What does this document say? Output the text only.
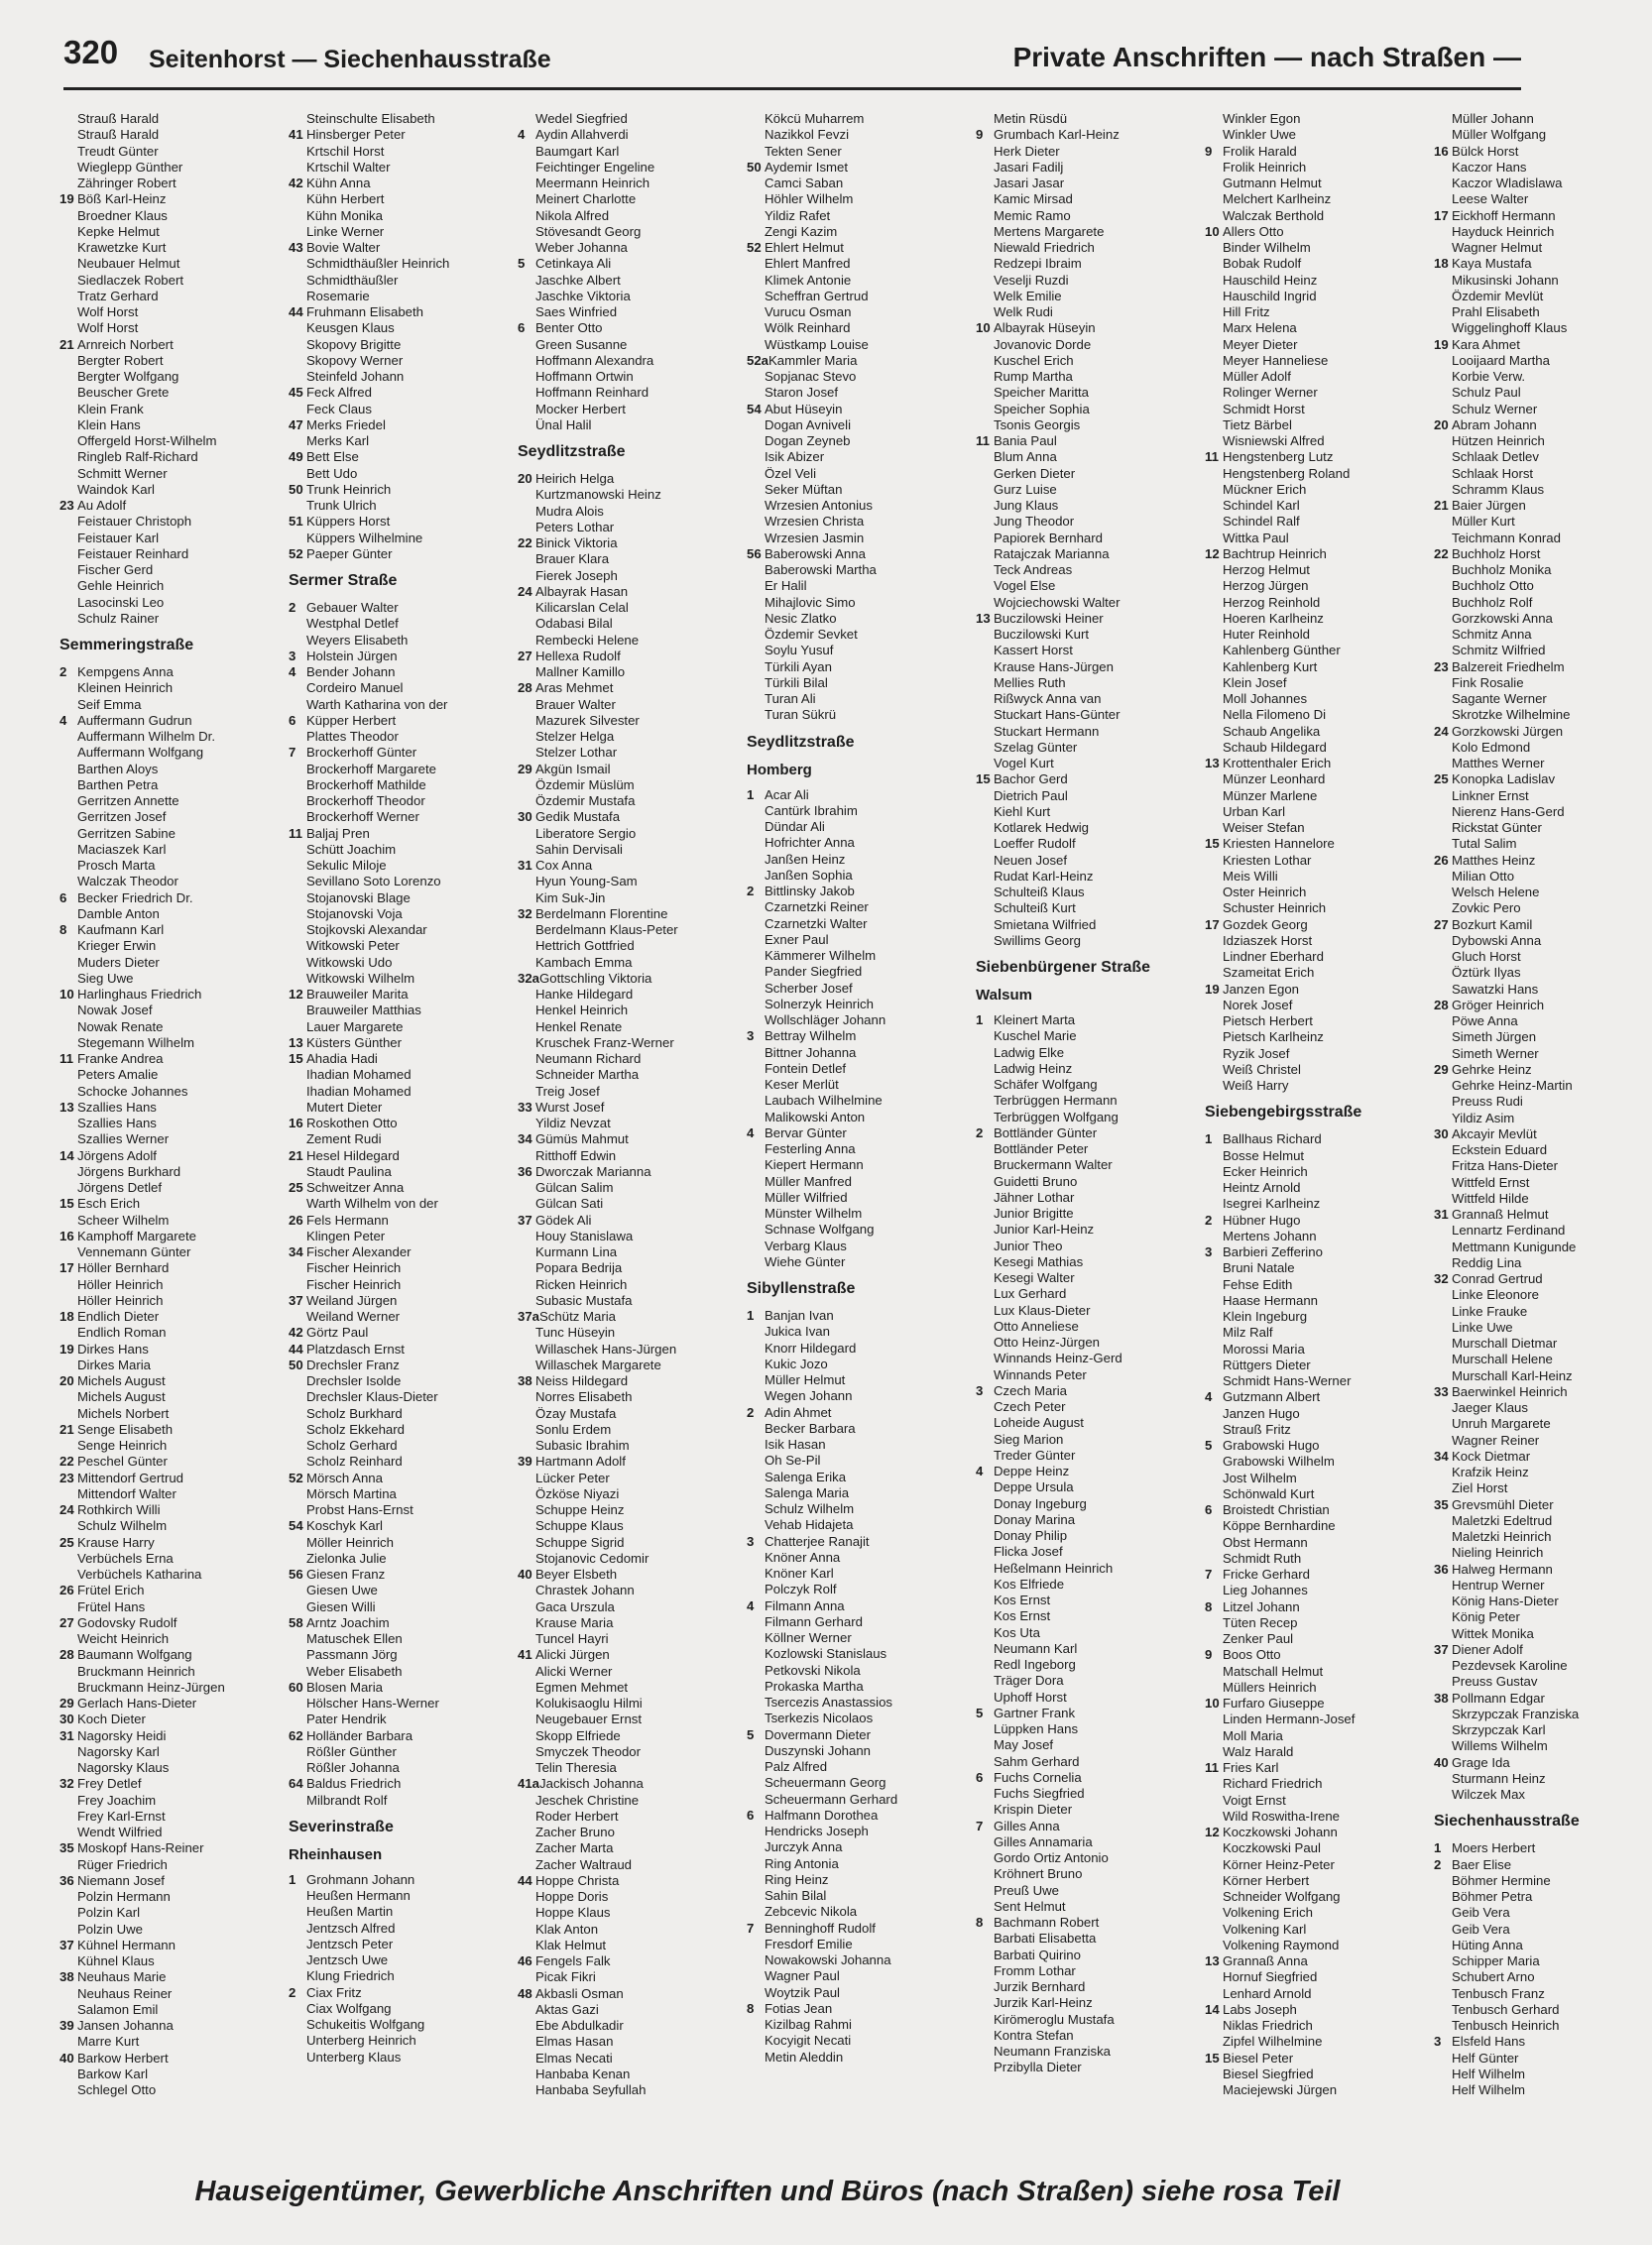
320 Seitenhorst — Siechenhausstraße	Private Anschriften — nach Straßen —
Strauß Harald
Strauß Harald
Treudt Günter
Wieglepp Günther
Zähringer Robert
19 Böß Karl-Heinz
Broedner Klaus
Kepke Helmut
Krawetzke Kurt
Neubauer Helmut
Siedlaczek Robert
Tratz Gerhard
Wolf Horst
Wolf Horst
21 Arnreich Norbert
Bergter Robert
Bergter Wolfgang
Beuscher Grete
Klein Frank
Klein Hans
Offergeld Horst-Wilhelm
Ringleb Ralf-Richard
Schmitt Werner
Waindok Karl
23 Au Adolf
Feistauer Christoph
Feistauer Karl
Feistauer Reinhard
Fischer Gerd
Gehle Heinrich
Lasocinski Leo
Schulz Rainer
Semmeringstraße
2 Kempgens Anna
Kleinen Heinrich
Seif Emma
4 Auffermann Gudrun
Auffermann Wilhelm Dr.
Auffermann Wolfgang
Barthen Aloys
Barthen Petra
Gerritzen Annette
Gerritzen Josef
Gerritzen Sabine
Maciaszek Karl
Prosch Marta
Walczak Theodor
6 Becker Friedrich Dr.
Damble Anton
8 Kaufmann Karl
Krieger Erwin
Muders Dieter
Sieg Uwe
10 Harlinghaus Friedrich
Nowak Josef
Nowak Renate
Stegemann Wilhelm
11 Franke Andrea
Peters Amalie
Schocke Johannes
13 Szallies Hans
Szallies Hans
Szallies Werner
14 Jörgens Adolf
Jörgens Burkhard
Jörgens Detlef
15 Esch Erich
Scheer Wilhelm
16 Kamphoff Margarete
Vennemann Günter
17 Höller Bernhard
Höller Heinrich
Höller Heinrich
18 Endlich Dieter
Endlich Roman
19 Dirkes Hans
Dirkes Maria
20 Michels August
Michels August
Michels Norbert
21 Senge Elisabeth
Senge Heinrich
22 Peschel Günter
23 Mittendorf Gertrud
Mittendorf Walter
24 Rothkirch Willi
Schulz Wilhelm
25 Krause Harry
Verbüchels Erna
Verbüchels Katharina
26 Frütel Erich
Frütel Hans
27 Godovsky Rudolf
Weicht Heinrich
28 Baumann Wolfgang
Bruckmann Heinrich
Bruckmann Heinz-Jürgen
29 Gerlach Hans-Dieter
30 Koch Dieter
31 Nagorsky Heidi
Nagorsky Karl
Nagorsky Klaus
32 Frey Detlef
Frey Joachim
Frey Karl-Ernst
Wendt Wilfried
35 Moskopf Hans-Reiner
Rüger Friedrich
36 Niemann Josef
Polzin Hermann
Polzin Karl
Polzin Uwe
37 Kühnel Hermann
Kühnel Klaus
38 Neuhaus Marie
Neuhaus Reiner
Salamon Emil
39 Jansen Johanna
Marre Kurt
40 Barkow Herbert
Barkow Karl
Schlegel Otto
Steinschulte Elisabeth
41 Hinsberger Peter
Krtschil Horst
Krtschil Walter
42 Kühn Anna
Kühn Herbert
Kühn Monika
Linke Werner
43 Bovie Walter
Schmidthäußler Heinrich
Schmidthäußler
Rosemarie
44 Fruhmann Elisabeth
Keusgen Klaus
Skopovy Brigitte
Skopovy Werner
Steinfeld Johann
45 Feck Alfred
Feck Claus
47 Merks Friedel
Merks Karl
49 Bett Else
Bett Udo
50 Trunk Heinrich
Trunk Ulrich
51 Küppers Horst
Küppers Wilhelmine
52 Paeper Günter
Sermer Straße
2 Gebauer Walter
Westphal Detlef
Weyers Elisabeth
3 Holstein Jürgen
4 Bender Johann
Cordeiro Manuel
Warth Katharina von der
6 Küpper Herbert
Plattes Theodor
7 Brockerhoff Günter
Brockerhoff Margarete
Brockerhoff Mathilde
Brockerhoff Theodor
Brockerhoff Werner
11 Baljaj Pren
Schütt Joachim
Sekulic Miloje
Sevillano Soto Lorenzo
Stojanovski Blage
Stojanovski Voja
Stojkovski Alexandar
Witkowski Peter
Witkowski Udo
Witkowski Wilhelm
12 Brauweiler Marita
Brauweiler Matthias
Lauer Margarete
13 Küsters Günther
15 Ahadia Hadi
Ihadian Mohamed
Ihadian Mohamed
Mutert Dieter
16 Roskothen Otto
Zement Rudi
21 Hesel Hildegard
Staudt Paulina
25 Schweitzer Anna
Warth Wilhelm von der
26 Fels Hermann
Klingen Peter
34 Fischer Alexander
Fischer Heinrich
Fischer Heinrich
37 Weiland Jürgen
Weiland Werner
42 Görtz Paul
44 Platzdasch Ernst
50 Drechsler Franz
Drechsler Isolde
Drechsler Klaus-Dieter
Scholz Burkhard
Scholz Ekkehard
Scholz Gerhard
Scholz Reinhard
52 Mörsch Anna
Mörsch Martina
Probst Hans-Ernst
54 Koschyk Karl
Möller Heinrich
Zielonka Julie
56 Giesen Franz
Giesen Uwe
Giesen Willi
58 Arntz Joachim
Matuschek Ellen
Passmann Jörg
Weber Elisabeth
60 Blosen Maria
Hölscher Hans-Werner
Pater Hendrik
62 Holländer Barbara
Rößler Günther
Rößler Johanna
64 Baldus Friedrich
Milbrandt Rolf
Severinstraße
Rheinhausen
1 Grohmann Johann
Heußen Hermann
Heußen Martin
Jentzsch Alfred
Jentzsch Peter
Jentzsch Uwe
Klung Friedrich
2 Ciax Fritz
Ciax Wolfgang
Schukeitis Wolfgang
Unterberg Heinrich
Unterberg Klaus
Wedel Siegfried
4 Aydin Allahverdi
Baumgart Karl
Feichtinger Engeline
Meermann Heinrich
Meinert Charlotte
Nikola Alfred
Stövesandt Georg
Weber Johanna
5 Cetinkaya Ali
Jaschke Albert
Jaschke Viktoria
Saes Winfried
6 Benter Otto
Green Susanne
Hoffmann Alexandra
Hoffmann Ortwin
Hoffmann Reinhard
Mocker Herbert
Ünal Halil
Seydlitzstraße
20 Heirich Helga
Kurtzmanowski Heinz
Mudra Alois
Peters Lothar
22 Binick Viktoria
Brauer Klara
Fierek Joseph
24 Albayrak Hasan
Kilicarslan Celal
Odabasi Bilal
Rembecki Helene
27 Hellexa Rudolf
Mallner Kamillo
28 Aras Mehmet
Brauer Walter
Mazurek Silvester
Stelzer Helga
Stelzer Lothar
29 Akgün Ismail
Özdemir Müslüm
Özdemir Mustafa
30 Gedik Mustafa
Liberatore Sergio
Sahin Dervisali
31 Cox Anna
Hyun Young-Sam
Kim Suk-Jin
32 Berdelmann Florentine
Berdelmann Klaus-Peter
Hettrich Gottfried
Kambach Emma
32aGottschling Viktoria
Hanke Hildegard
Henkel Heinrich
Henkel Renate
Kruschek Franz-Werner
Neumann Richard
Schneider Martha
Treig Josef
33 Wurst Josef
Yildiz Nevzat
34 Gümüs Mahmut
Ritthoff Edwin
36 Dworczak Marianna
Gülcan Salim
Gülcan Sati
37 Gödek Ali
Houy Stanislawa
Kurmann Lina
Popara Bedrija
Ricken Heinrich
Subasic Mustafa
37aSchütz Maria
Tunc Hüseyin
Willaschek Hans-Jürgen
Willaschek Margarete
38 Neiss Hildegard
Norres Elisabeth
Özay Mustafa
Sonlu Erdem
Subasic Ibrahim
39 Hartmann Adolf
Lücker Peter
Özköse Niyazi
Schuppe Heinz
Schuppe Klaus
Schuppe Sigrid
Stojanovic Cedomir
40 Beyer Elsbeth
Chrastek Johann
Gaca Urszula
Krause Maria
Tuncel Hayri
41 Alicki Jürgen
Alicki Werner
Egmen Mehmet
Kolukisaoglu Hilmi
Neugebauer Ernst
Skopp Elfriede
Smyczek Theodor
Telin Theresia
41aJackisch Johanna
Jeschek Christine
Roder Herbert
Zacher Bruno
Zacher Marta
Zacher Waltraud
44 Hoppe Christa
Hoppe Doris
Hoppe Klaus
Klak Anton
Klak Helmut
46 Fengels Falk
Picak Fikri
48 Akbasli Osman
Aktas Gazi
Ebe Abdulkadir
Elmas Hasan
Elmas Necati
Hanbaba Kenan
Hanbaba Seyfullah
Kökcü Muharrem
Nazikkol Fevzi
Tekten Sener
50 Aydemir Ismet
Camci Saban
Höhler Wilhelm
Yildiz Rafet
Zengi Kazim
52 Ehlert Helmut
Ehlert Manfred
Klimek Antonie
Scheffran Gertrud
Vurucu Osman
Wölk Reinhard
Wüstkamp Louise
52aKammler Maria
Sopjanac Stevo
Staron Josef
54 Abut Hüseyin
Dogan Avniveli
Dogan Zeyneb
Isik Abizer
Özel Veli
Seker Müftan
Wrzesien Antonius
Wrzesien Christa
Wrzesien Jasmin
56 Baberowski Anna
Baberowski Martha
Er Halil
Mihajlovic Simo
Nesic Zlatko
Özdemir Sevket
Soylu Yusuf
Türkili Ayan
Türkili Bilal
Turan Ali
Turan Sükrü
Seydlitzstraße
Homberg
1 Acar Ali
Cantürk Ibrahim
Dündar Ali
Hofrichter Anna
Janßen Heinz
Janßen Sophia
2 Bittlinsky Jakob
Czarnetzki Reiner
Czarnetzki Walter
Exner Paul
Kämmerer Wilhelm
Pander Siegfried
Scherber Josef
Solnerzyk Heinrich
Wollschläger Johann
3 Bettray Wilhelm
Bittner Johanna
Fontein Detlef
Keser Merlüt
Laubach Wilhelmine
Malikowski Anton
4 Bervar Günter
Festerling Anna
Kiepert Hermann
Müller Manfred
Müller Wilfried
Münster Wilhelm
Schnase Wolfgang
Verbarg Klaus
Wiehe Günter
Sibyllenstraße
1 Banjan Ivan
Jukica Ivan
Knorr Hildegard
Kukic Jozo
Müller Helmut
Wegen Johann
2 Adin Ahmet
Becker Barbara
Isik Hasan
Oh Se-Pil
Salenga Erika
Salenga Maria
Schulz Wilhelm
Vehab Hidajeta
3 Chatterjee Ranajit
Knöner Anna
Knöner Karl
Polczyk Rolf
4 Filmann Anna
Filmann Gerhard
Köllner Werner
Kozlowski Stanislaus
Petkovski Nikola
Prokaska Martha
Tsercezis Anastassios
Tserkezis Nicolaos
5 Dovermann Dieter
Duszynski Johann
Palz Alfred
Scheuermann Georg
Scheuermann Gerhard
6 Halfmann Dorothea
Hendricks Joseph
Jurczyk Anna
Ring Antonia
Ring Heinz
Sahin Bilal
Zebcevic Nikola
7 Benninghoff Rudolf
Fresdorf Emilie
Nowakowski Johanna
Wagner Paul
Woytzik Paul
8 Fotias Jean
Kizilbag Rahmi
Kocyigit Necati
Metin Aleddin
Metin Rüsdü
9 Grumbach Karl-Heinz
Herk Dieter
Jasari Fadilj
Jasari Jasar
Kamic Mirsad
Memic Ramo
Mertens Margarete
Niewald Friedrich
Redzepi Ibraim
Veselji Ruzdi
Welk Emilie
Welk Rudi
10 Albayrak Hüseyin
Jovanovic Dorde
Kuschel Erich
Rump Martha
Speicher Maritta
Speicher Sophia
Tsonis Georgis
11 Bania Paul
Blum Anna
Gerken Dieter
Gurz Luise
Jung Klaus
Jung Theodor
Papiorek Bernhard
Ratajczak Marianna
Teck Andreas
Vogel Else
Wojciechowski Walter
13 Buczilowski Heiner
Buczilowski Kurt
Kassert Horst
Krause Hans-Jürgen
Mellies Ruth
Rißwyck Anna van
Stuckart Hans-Günter
Stuckart Hermann
Szelag Günter
Vogel Kurt
15 Bachor Gerd
Dietrich Paul
Kiehl Kurt
Kotlarek Hedwig
Loeffer Rudolf
Neuen Josef
Rudat Karl-Heinz
Schulteiß Klaus
Schulteiß Kurt
Smietana Wilfried
Swillims Georg
Siebenbürgener Straße
Walsum
1 Kleinert Marta
Kuschel Marie
Ladwig Elke
Ladwig Heinz
Schäfer Wolfgang
Terbrüggen Hermann
Terbrüggen Wolfgang
2 Bottländer Günter
Bottländer Peter
Bruckermann Walter
Guidetti Bruno
Jähner Lothar
Junior Brigitte
Junior Karl-Heinz
Junior Theo
Kesegi Mathias
Kesegi Walter
Lux Gerhard
Lux Klaus-Dieter
Otto Anneliese
Otto Heinz-Jürgen
Winnands Heinz-Gerd
Winnands Peter
3 Czech Maria
Czech Peter
Loheide August
Sieg Marion
Treder Günter
4 Deppe Heinz
Deppe Ursula
Donay Ingeburg
Donay Marina
Donay Philip
Flicka Josef
Heßelmann Heinrich
Kos Elfriede
Kos Ernst
Kos Ernst
Kos Uta
Neumann Karl
Redl Ingeborg
Träger Dora
Uphoff Horst
5 Gartner Frank
Lüppken Hans
May Josef
Sahm Gerhard
6 Fuchs Cornelia
Fuchs Siegfried
Krispin Dieter
7 Gilles Anna
Gilles Annamaria
Gordo Ortiz Antonio
Kröhnert Bruno
Preuß Uwe
Sent Helmut
8 Bachmann Robert
Barbati Elisabetta
Barbati Quirino
Fromm Lothar
Jurzik Bernhard
Jurzik Karl-Heinz
Kirömeroglu Mustafa
Kontra Stefan
Neumann Franziska
Przibylla Dieter
Winkler Egon
Winkler Uwe
9 Frolik Harald
Frolik Heinrich
Gutmann Helmut
Melchert Karlheinz
Walczak Berthold
10 Allers Otto
Binder Wilhelm
Bobak Rudolf
Hauschild Heinz
Hauschild Ingrid
Hill Fritz
Marx Helena
Meyer Dieter
Meyer Hanneliese
Müller Adolf
Rolinger Werner
Schmidt Horst
Tietz Bärbel
Wisniewski Alfred
11 Hengstenberg Lutz
Hengstenberg Roland
Mückner Erich
Schindel Karl
Schindel Ralf
Wittka Paul
12 Bachtrup Heinrich
Herzog Helmut
Herzog Jürgen
Herzog Reinhold
Hoeren Karlheinz
Huter Reinhold
Kahlenberg Günther
Kahlenberg Kurt
Klein Josef
Moll Johannes
Nella Filomeno Di
Schaub Angelika
Schaub Hildegard
13 Krottenthaler Erich
Münzer Leonhard
Münzer Marlene
Urban Karl
Weiser Stefan
15 Kriesten Hannelore
Kriesten Lothar
Meis Willi
Oster Heinrich
Schuster Heinrich
17 Gozdek Georg
Idziaszek Horst
Lindner Eberhard
Szameitat Erich
19 Janzen Egon
Norek Josef
Pietsch Herbert
Pietsch Karlheinz
Ryzik Josef
Weiß Christel
Weiß Harry
Siebengebirgsstraße
1 Ballhaus Richard
Bosse Helmut
Ecker Heinrich
Heintz Arnold
Isegrei Karlheinz
2 Hübner Hugo
Mertens Johann
3 Barbieri Zefferino
Bruni Natale
Fehse Edith
Haase Hermann
Klein Ingeburg
Milz Ralf
Morossi Maria
Rüttgers Dieter
Schmidt Hans-Werner
4 Gutzmann Albert
Janzen Hugo
Strauß Fritz
5 Grabowski Hugo
Grabowski Wilhelm
Jost Wilhelm
Schönwald Kurt
6 Broistedt Christian
Köppe Bernhardine
Obst Hermann
Schmidt Ruth
7 Fricke Gerhard
Lieg Johannes
8 Litzel Johann
Tüten Recep
Zenker Paul
9 Boos Otto
Matschall Helmut
Müllers Heinrich
10 Furfaro Giuseppe
Linden Hermann-Josef
Moll Maria
Walz Harald
11 Fries Karl
Richard Friedrich
Voigt Ernst
Wild Roswitha-Irene
12 Koczkowski Johann
Koczkowski Paul
Körner Heinz-Peter
Körner Herbert
Schneider Wolfgang
Volkening Erich
Volkening Karl
Volkening Raymond
13 Grannaß Anna
Hornuf Siegfried
Lenhard Arnold
14 Labs Joseph
Niklas Friedrich
Zipfel Wilhelmine
15 Biesel Peter
Biesel Siegfried
Maciejewski Jürgen
Müller Johann
Müller Wolfgang
16 Bülck Horst
Kaczor Hans
Kaczor Wladislawa
Leese Walter
17 Eickhoff Hermann
Hayduck Heinrich
Wagner Helmut
18 Kaya Mustafa
Mikusinski Johann
Özdemir Mevlüt
Prahl Elisabeth
Wiggelinghoff Klaus
19 Kara Ahmet
Looijaard Martha
Korbie Verw.
Schulz Paul
Schulz Werner
20 Abram Johann
Hützen Heinrich
Schlaak Detlev
Schlaak Horst
Schramm Klaus
21 Baier Jürgen
Müller Kurt
Teichmann Konrad
22 Buchholz Horst
Buchholz Monika
Buchholz Otto
Buchholz Rolf
Gorzkowski Anna
Schmitz Anna
Schmitz Wilfried
23 Balzereit Friedhelm
Fink Rosalie
Sagante Werner
Skrotzke Wilhelmine
24 Gorzkowski Jürgen
Kolo Edmond
Matthes Werner
25 Konopka Ladislav
Linkner Ernst
Nierenz Hans-Gerd
Rickstat Günter
Tutal Salim
26 Matthes Heinz
Milian Otto
Welsch Helene
Zovkic Pero
27 Bozkurt Kamil
Dybowski Anna
Gluch Horst
Öztürk Ilyas
Sawatzki Hans
28 Gröger Heinrich
Pöwe Anna
Simeth Jürgen
Simeth Werner
29 Gehrke Heinz
Gehrke Heinz-Martin
Preuss Rudi
Yildiz Asim
30 Akcayir Mevlüt
Eckstein Eduard
Fritza Hans-Dieter
Wittfeld Ernst
Wittfeld Hilde
31 Grannaß Helmut
Lennartz Ferdinand
Mettmann Kunigunde
Reddig Lina
32 Conrad Gertrud
Linke Eleonore
Linke Frauke
Linke Uwe
Murschall Dietmar
Murschall Helene
Murschall Karl-Heinz
33 Baerwinkel Heinrich
Jaeger Klaus
Unruh Margarete
Wagner Reiner
34 Kock Dietmar
Krafzik Heinz
Ziel Horst
35 Grevsmühl Dieter
Maletzki Edeltrud
Maletzki Heinrich
Nieling Heinrich
36 Halweg Hermann
Hentrup Werner
König Hans-Dieter
König Peter
Wittek Monika
37 Diener Adolf
Pezdevsek Karoline
Preuss Gustav
38 Pollmann Edgar
Skrzypczak Franziska
Skrzypczak Karl
Willems Wilhelm
40 Grage Ida
Sturmann Heinz
Wilczek Max
Siechenhausstraße
1 Moers Herbert
2 Baer Elise
Böhmer Hermine
Böhmer Petra
Geib Vera
Geib Vera
Hüting Anna
Schipper Maria
Schubert Arno
Tenbusch Franz
Tenbusch Gerhard
Tenbusch Heinrich
3 Elsfeld Hans
Helf Günter
Helf Wilhelm
Helf Wilhelm
Hauseigentümer, Gewerbliche Anschriften und Büros (nach Straßen) siehe rosa Teil
